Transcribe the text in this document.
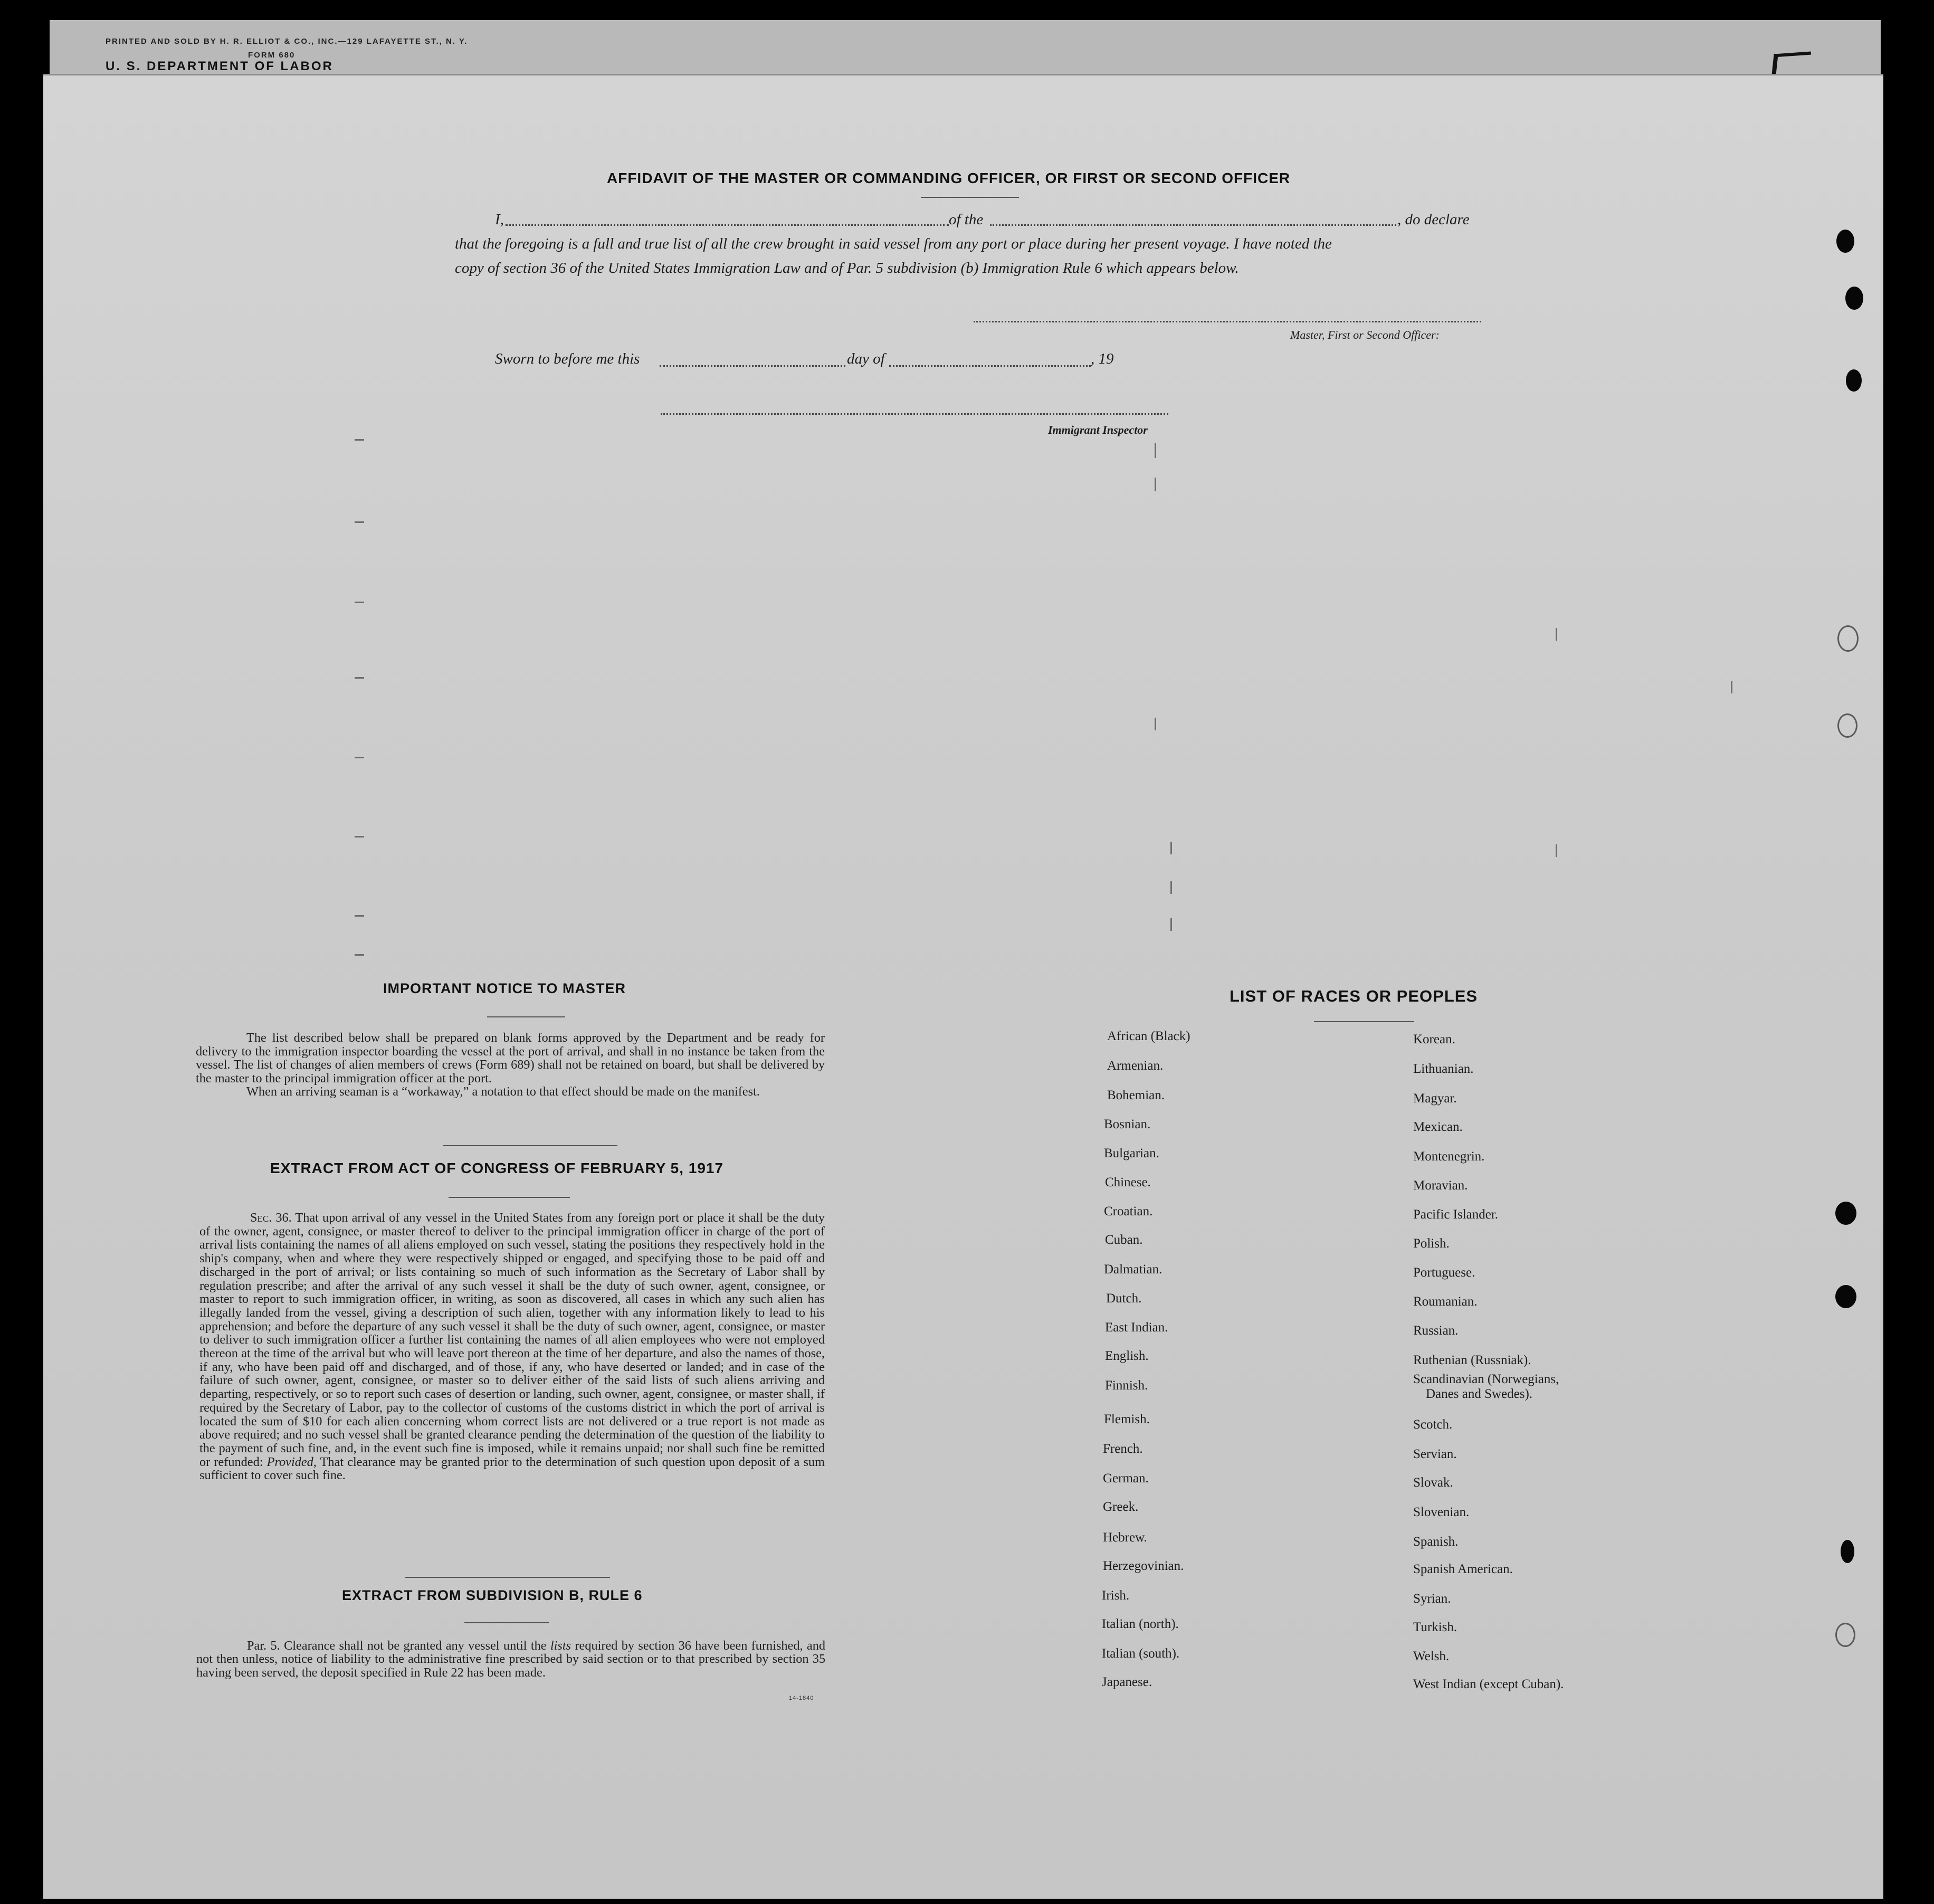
PRINTED AND SOLD BY H. R. ELLIOT & CO., INC.—129 LAFAYETTE ST., N. Y.
FORM 680
U. S. DEPARTMENT OF LABOR
AFFIDAVIT OF THE MASTER OR COMMANDING OFFICER, OR FIRST OR SECOND OFFICER
I,	of the	, do declare
that the foregoing is a full and true list of all the crew brought in said vessel from any port or place during her present voyage. I have noted the
copy of section 36 of the United States Immigration Law and of Par. 5 subdivision (b) Immigration Rule 6 which appears below.
Master, First or Second Officer:
Sworn to before me this	day of	, 19
Immigrant Inspector
IMPORTANT NOTICE TO MASTER
The list described below shall be prepared on blank forms approved by the Department and be ready for delivery to the immigration inspector boarding the vessel at the port of arrival, and shall in no instance be taken from the vessel. The list of changes of alien members of crews (Form 689) shall not be retained on board, but shall be delivered by the master to the principal immigration officer at the port.
When an arriving seaman is a “workaway,” a notation to that effect should be made on the manifest.
EXTRACT FROM ACT OF CONGRESS OF FEBRUARY 5, 1917
Sec. 36. That upon arrival of any vessel in the United States from any foreign port or place it shall be the duty of the owner, agent, consignee, or master thereof to deliver to the principal immigration officer in charge of the port of arrival lists containing the names of all aliens employed on such vessel, stating the positions they respectively hold in the ship's company, when and where they were respectively shipped or engaged, and specifying those to be paid off and discharged in the port of arrival; or lists containing so much of such information as the Secretary of Labor shall by regulation prescribe; and after the arrival of any such vessel it shall be the duty of such owner, agent, consignee, or master to report to such immigration officer, in writing, as soon as discovered, all cases in which any such alien has illegally landed from the vessel, giving a description of such alien, together with any information likely to lead to his apprehension; and before the departure of any such vessel it shall be the duty of such owner, agent, consignee, or master to deliver to such immigration officer a further list containing the names of all alien employees who were not employed thereon at the time of the arrival but who will leave port thereon at the time of her departure, and also the names of those, if any, who have been paid off and discharged, and of those, if any, who have deserted or landed; and in case of the failure of such owner, agent, consignee, or master so to deliver either of the said lists of such aliens arriving and departing, respectively, or so to report such cases of desertion or landing, such owner, agent, consignee, or master shall, if required by the Secretary of Labor, pay to the collector of customs of the customs district in which the port of arrival is located the sum of $10 for each alien concerning whom correct lists are not delivered or a true report is not made as above required; and no such vessel shall be granted clearance pending the determination of the question of the liability to the payment of such fine, and, in the event such fine is imposed, while it remains unpaid; nor shall such fine be remitted or refunded: Provided, That clearance may be granted prior to the determination of such question upon deposit of a sum sufficient to cover such fine.
EXTRACT FROM SUBDIVISION B, RULE 6
Par. 5. Clearance shall not be granted any vessel until the lists required by section 36 have been furnished, and not then unless, notice of liability to the administrative fine prescribed by said section or to that prescribed by section 35 having been served, the deposit specified in Rule 22 has been made.
14-1840
LIST OF RACES OR PEOPLES
African (Black)
Armenian.
Bohemian.
Bosnian.
Bulgarian.
Chinese.
Croatian.
Cuban.
Dalmatian.
Dutch.
East Indian.
English.
Finnish.
Flemish.
French.
German.
Greek.
Hebrew.
Herzegovinian.
Irish.
Italian (north).
Italian (south).
Japanese.
Korean.
Lithuanian.
Magyar.
Mexican.
Montenegrin.
Moravian.
Pacific Islander.
Polish.
Portuguese.
Roumanian.
Russian.
Ruthenian (Russniak).
Scandinavian (Norwegians,
Danes and Swedes).
Scotch.
Servian.
Slovak.
Slovenian.
Spanish.
Spanish American.
Syrian.
Turkish.
Welsh.
West Indian (except Cuban).
